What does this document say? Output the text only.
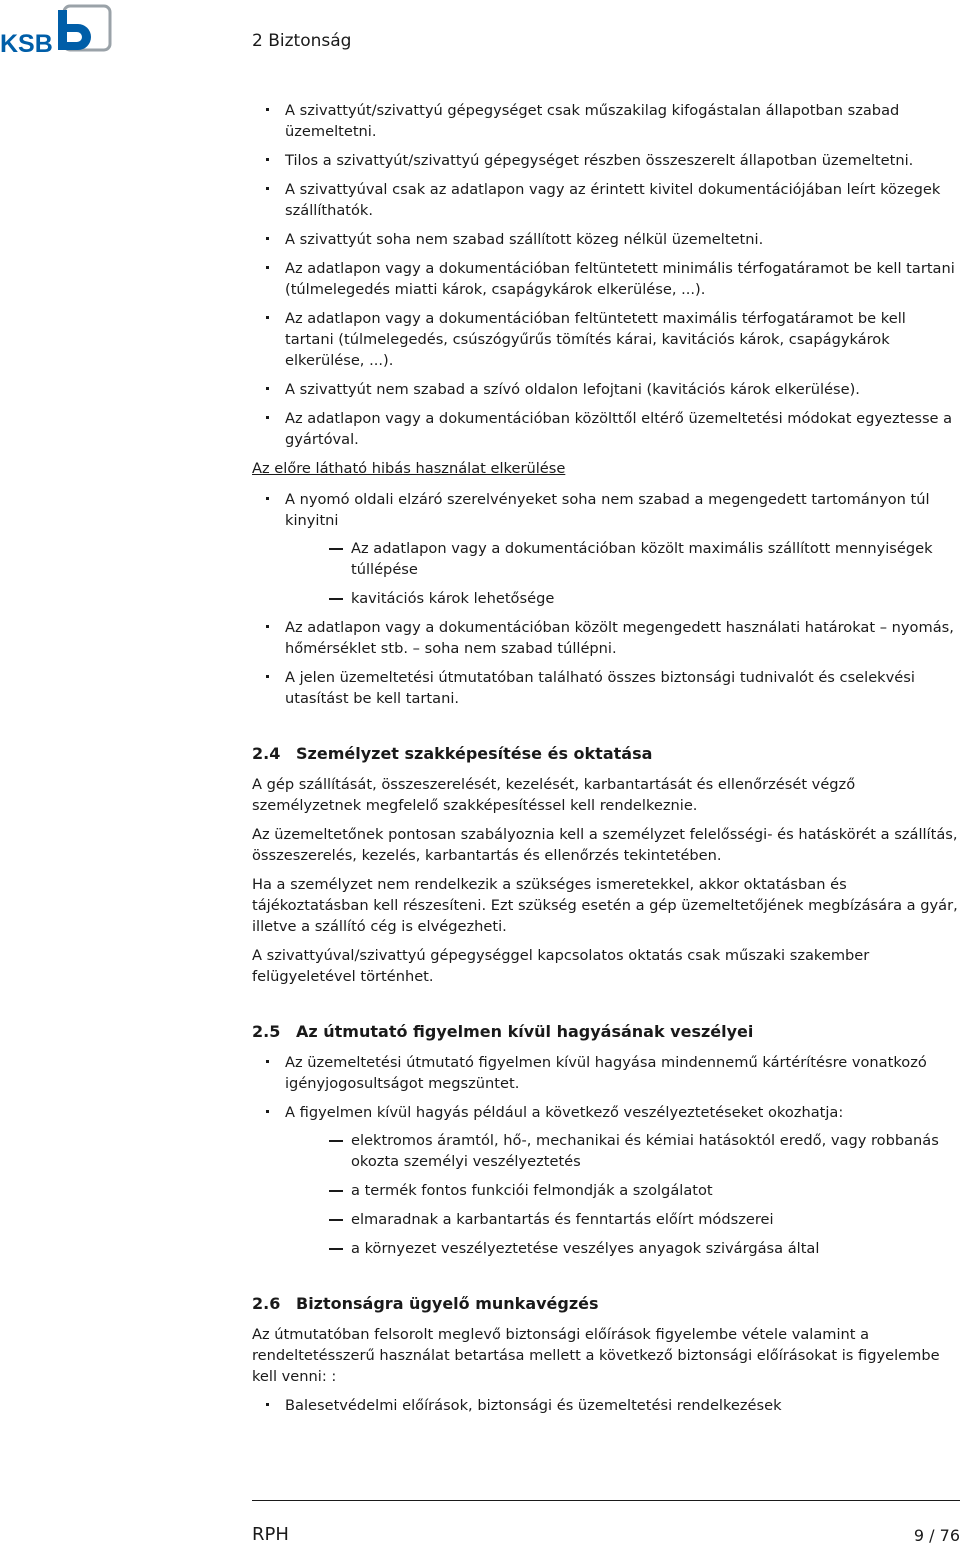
KSB	2 Biztonság
A szivattyút/szivattyú gépegységet csak műszakilag kifogástalan állapotban szabad üzemeltetni.
Tilos a szivattyút/szivattyú gépegységet részben összeszerelt állapotban üzemeltetni.
A szivattyúval csak az adatlapon vagy az érintett kivitel dokumentációjában leírt közegek szállíthatók.
A szivattyút soha nem szabad szállított közeg nélkül üzemeltetni.
Az adatlapon vagy a dokumentációban feltüntetett minimális térfogatáramot be kell tartani (túlmelegedés miatti károk, csapágykárok elkerülése, ...).
Az adatlapon vagy a dokumentációban feltüntetett maximális térfogatáramot be kell tartani (túlmelegedés, csúszógyűrűs tömítés kárai, kavitációs károk, csapágykárok elkerülése, ...).
A szivattyút nem szabad a szívó oldalon lefojtani (kavitációs károk elkerülése).
Az adatlapon vagy a dokumentációban közölttől eltérő üzemeltetési módokat egyeztesse a gyártóval.
Az előre látható hibás használat elkerülése
A nyomó oldali elzáró szerelvényeket soha nem szabad a megengedett tartományon túl kinyitni
Az adatlapon vagy a dokumentációban közölt maximális szállított mennyiségek túllépése
kavitációs károk lehetősége
Az adatlapon vagy a dokumentációban közölt megengedett használati határokat – nyomás, hőmérséklet stb. – soha nem szabad túllépni.
A jelen üzemeltetési útmutatóban található összes biztonsági tudnivalót és cselekvési utasítást be kell tartani.
2.4 Személyzet szakképesítése és oktatása

A gép szállítását, összeszerelését, kezelését, karbantartását és ellenőrzését végző személyzetnek megfelelő szakképesítéssel kell rendelkeznie.

Az üzemeltetőnek pontosan szabályoznia kell a személyzet felelősségi- és hatáskörét a szállítás, összeszerelés, kezelés, karbantartás és ellenőrzés tekintetében.

Ha a személyzet nem rendelkezik a szükséges ismeretekkel, akkor oktatásban és tájékoztatásban kell részesíteni. Ezt szükség esetén a gép üzemeltetőjének megbízására a gyár, illetve a szállító cég is elvégezheti.

A szivattyúval/szivattyú gépegységgel kapcsolatos oktatás csak műszaki szakember felügyeletével történhet.

2.5 Az útmutató figyelmen kívül hagyásának veszélyei
Az üzemeltetési útmutató figyelmen kívül hagyása mindennemű kártérítésre vonatkozó igényjogosultságot megszüntet.
A figyelmen kívül hagyás például a következő veszélyeztetéseket okozhatja:
elektromos áramtól, hő-, mechanikai és kémiai hatásoktól eredő, vagy robbanás okozta személyi veszélyeztetés
a termék fontos funkciói felmondják a szolgálatot
elmaradnak a karbantartás és fenntartás előírt módszerei
a környezet veszélyeztetése veszélyes anyagok szivárgása által
2.6 Biztonságra ügyelő munkavégzés

Az útmutatóban felsorolt meglevő biztonsági előírások figyelembe vétele valamint a rendeltetésszerű használat betartása mellett a következő biztonsági előírásokat is figyelembe kell venni: :

Balesetvédelmi előírások, biztonsági és üzemeltetési rendelkezések
RPH	9 / 76
